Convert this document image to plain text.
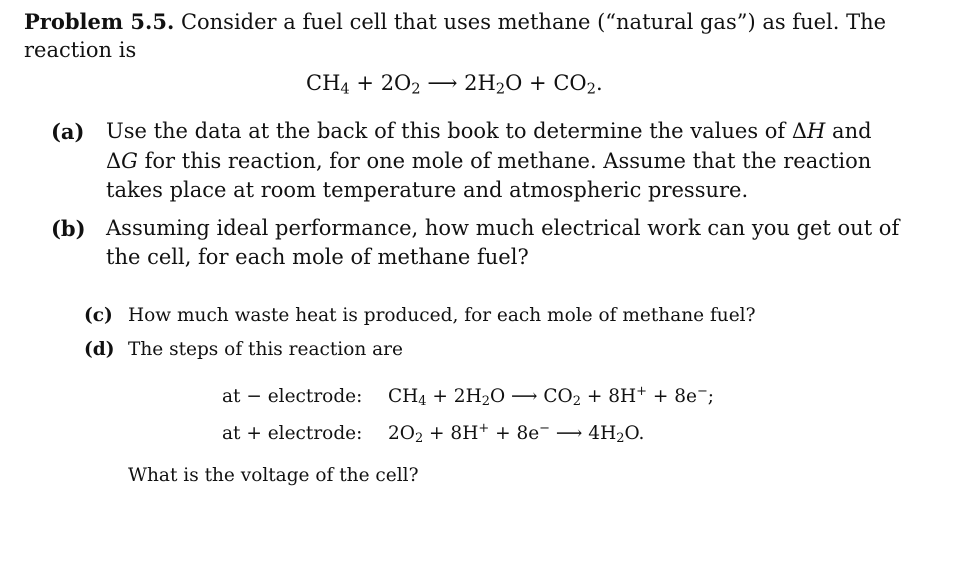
Problem 5.5. Consider a fuel cell that uses methane (“natural gas”) as fuel. The
reaction is
$CH_4 + 2O_2$ ⟶ $2H_2O + CO_2$.
(a) Use the data at the back of this book to determine the values of ΔH and
ΔG for this reaction, for one mole of methane. Assume that the reaction
takes place at room temperature and atmospheric pressure.
(b) Assuming ideal performance, how much electrical work can you get out of
the cell, for each mole of methane fuel?
(c) How much waste heat is produced, for each mole of methane fuel?
(d) The steps of this reaction are
at − electrode: $CH_4 + 2H_2O$ ⟶ $CO_2 + 8H^+ + 8e^-$;
at + electrode: $2O_2 + 8H^+ + 8e^-$ ⟶ $4H_2O$.
What is the voltage of the cell?
